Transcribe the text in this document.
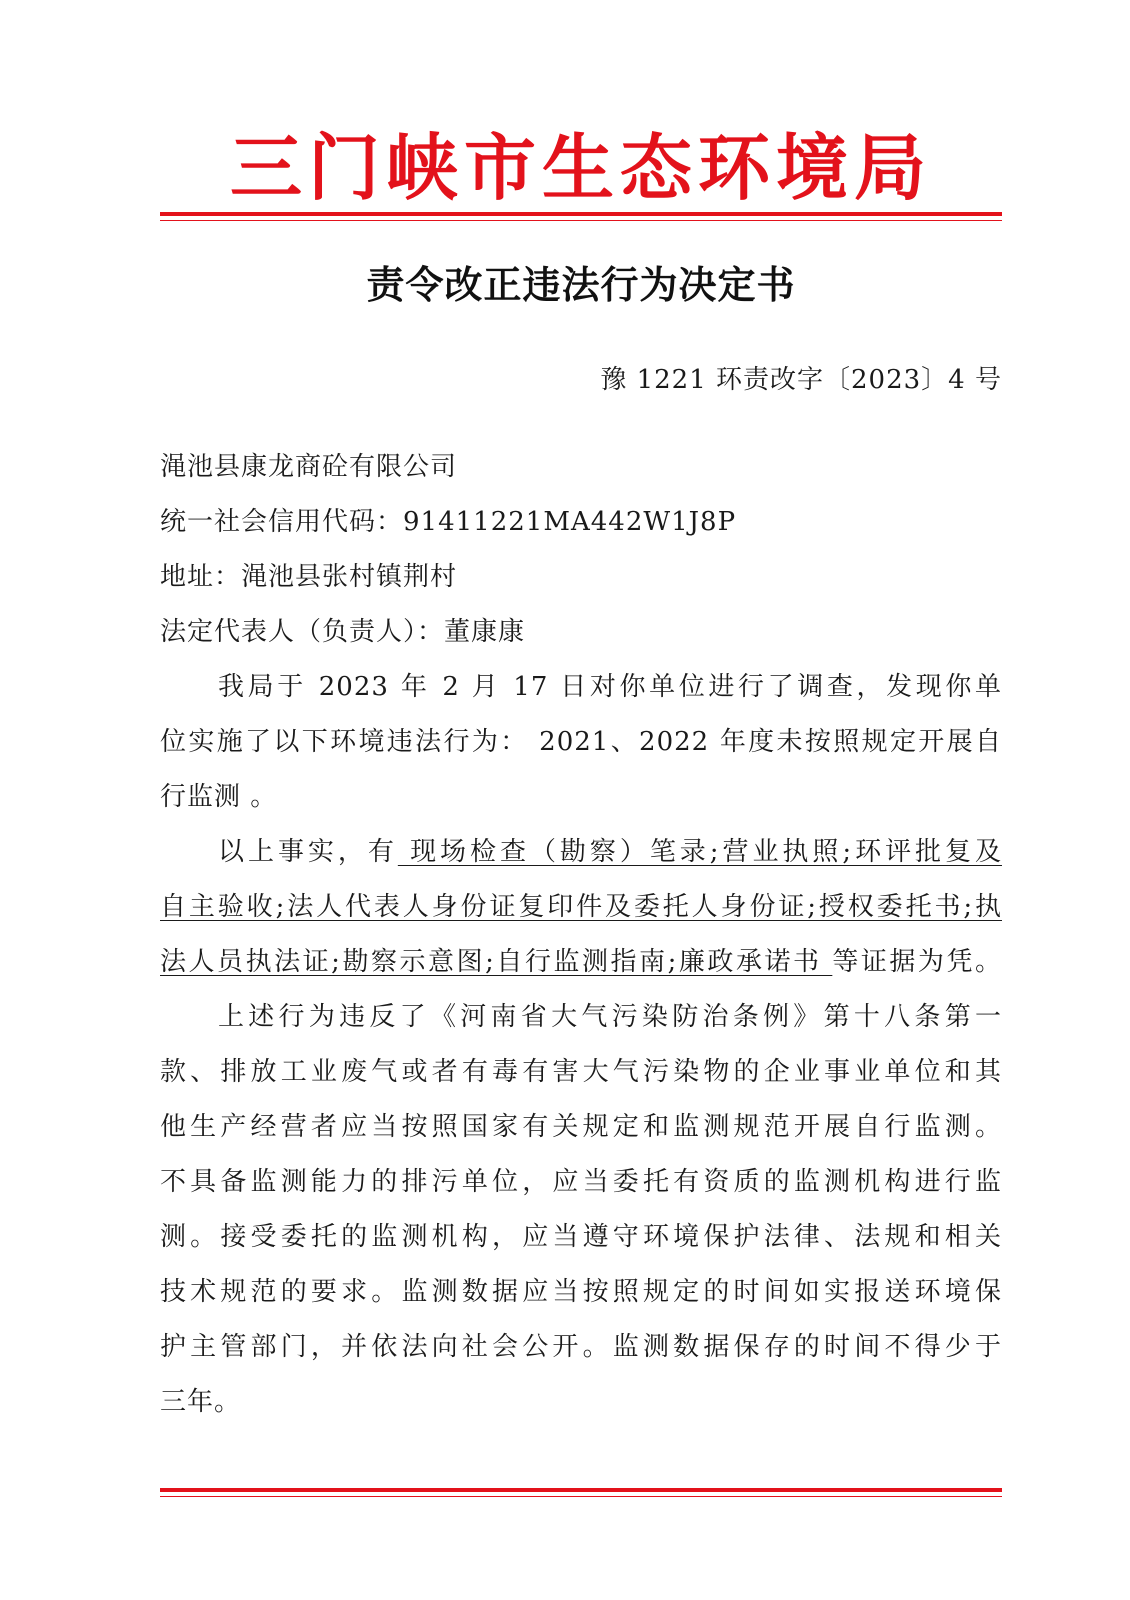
三门峡市生态环境局
责令改正违法行为决定书
豫 1221 环责改字〔2023〕4 号
渑池县康龙商砼有限公司
统一社会信用代码：91411221MA442W1J8P
地址：渑池县张村镇荆村
法定代表人（负责人）：董康康
我局于 2023 年 2 月 17 日对你单位进行了调查，发现你单
位实施了以下环境违法行为： 2021、2022 年度未按照规定开展自
行监测 。
以上事实，有 现场检查（勘察）笔录;营业执照;环评批复及
自主验收;法人代表人身份证复印件及委托人身份证;授权委托书;执
法人员执法证;勘察示意图;自行监测指南;廉政承诺书 等证据为凭。
上述行为违反了《河南省大气污染防治条例》第十八条第一
款、排放工业废气或者有毒有害大气污染物的企业事业单位和其
他生产经营者应当按照国家有关规定和监测规范开展自行监测。
不具备监测能力的排污单位，应当委托有资质的监测机构进行监
测。接受委托的监测机构，应当遵守环境保护法律、法规和相关
技术规范的要求。监测数据应当按照规定的时间如实报送环境保
护主管部门，并依法向社会公开。监测数据保存的时间不得少于
三年。
